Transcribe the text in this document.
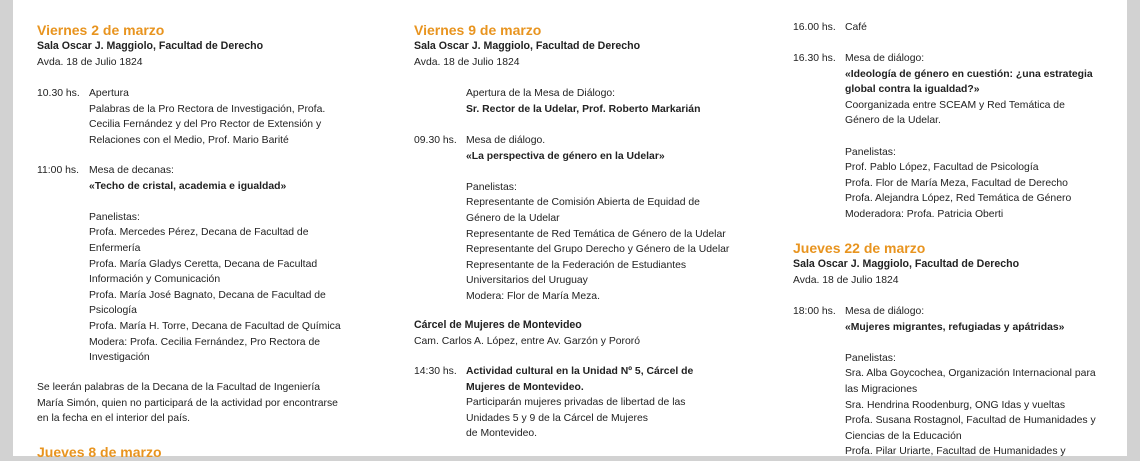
Viernes 2 de marzo
Sala Oscar J. Maggiolo, Facultad de Derecho
Avda. 18 de Julio 1824
10.30 hs. Apertura

Palabras de la Pro Rectora de Investigación, Profa.

Cecilia Fernández y del Pro Rector de Extensión y

Relaciones con el Medio, Prof. Mario Barité

11:00 hs. Mesa de decanas:

«Techo de cristal, academia e igualdad»

Panelistas:

Profa. Mercedes Pérez, Decana de Facultad de

Enfermería

Profa. María Gladys Ceretta, Decana de Facultad

Información y Comunicación

Profa. María José Bagnato, Decana de Facultad de

Psicología

Profa. María H. Torre, Decana de Facultad de Química

Modera: Profa. Cecilia Fernández, Pro Rectora de

Investigación

Se leerán palabras de la Decana de la Facultad de Ingeniería

María Simón, quien no participará de la actividad por encontrarse

en la fecha en el interior del país.

Jueves 8 de marzo
Viernes 9 de marzo
Sala Oscar J. Maggiolo, Facultad de Derecho
Avda. 18 de Julio 1824

Apertura de la Mesa de Diálogo:

Sr. Rector de la Udelar, Prof. Roberto Markarián

09.30 hs. Mesa de diálogo.

«La perspectiva de género en la Udelar»

Panelistas:

Representante de Comisión Abierta de Equidad de

Género de la Udelar

Representante de Red Temática de Género de la Udelar

Representante del Grupo Derecho y Género de la Udelar

Representante de la Federación de Estudiantes

Universitarios del Uruguay

Modera: Flor de María Meza.

Cárcel de Mujeres de Montevideo
Cam. Carlos A. López, entre Av. Garzón y Pororó
14:30 hs. Actividad cultural en la Unidad Nº 5, Cárcel de

Mujeres de Montevideo.

Participarán mujeres privadas de libertad de las

Unidades 5 y 9 de la Cárcel de Mujeres

de Montevideo.

16.00 hs. Café
16.30 hs. Mesa de diálogo:

«Ideología de género en cuestión: ¿una estrategia

global contra la igualdad?»

Coorganizada entre SCEAM y Red Temática de

Género de la Udelar.

Panelistas:

Prof. Pablo López, Facultad de Psicología

Profa. Flor de María Meza, Facultad de Derecho

Profa. Alejandra López, Red Temática de Género

Moderadora: Profa. Patricia Oberti

Jueves 22 de marzo
Sala Oscar J. Maggiolo, Facultad de Derecho
Avda. 18 de Julio 1824
18:00 hs. Mesa de diálogo:

«Mujeres migrantes, refugiadas y apátridas»

Panelistas:

Sra. Alba Goycochea, Organización Internacional para

las Migraciones

Sra. Hendrina Roodenburg, ONG Idas y vueltas

Profa. Susana Rostagnol, Facultad de Humanidades y

Ciencias de la Educación

Profa. Pilar Uriarte, Facultad de Humanidades y
